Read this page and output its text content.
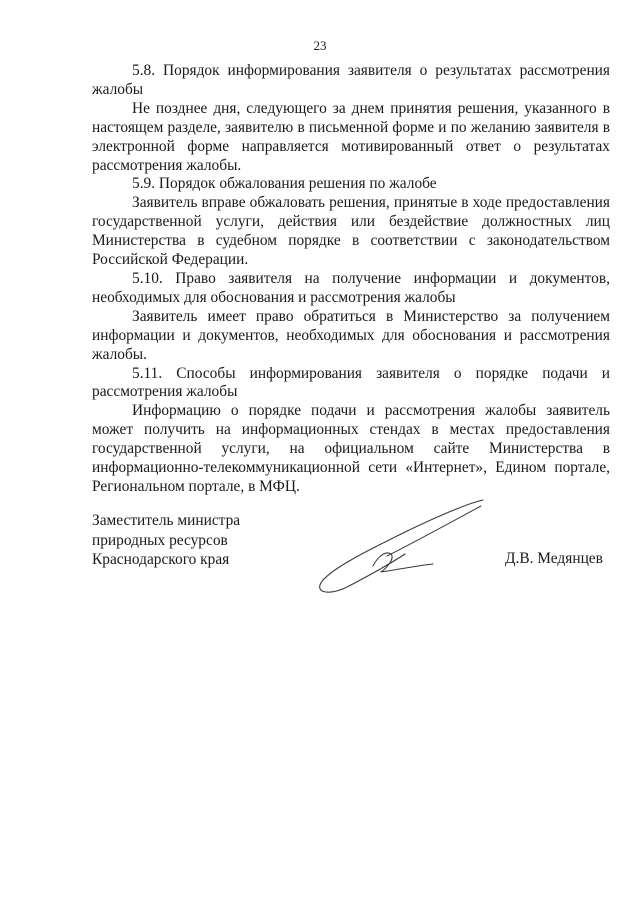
23

5.8. Порядок информирования заявителя о результатах рассмотрения жалобы

Не позднее дня, следующего за днем принятия решения, указанного в настоящем разделе, заявителю в письменной форме и по желанию заявителя в электронной форме направляется мотивированный ответ о результатах рассмотрения жалобы.

5.9. Порядок обжалования решения по жалобе

Заявитель вправе обжаловать решения, принятые в ходе предоставления государственной услуги, действия или бездействие должностных лиц Министерства в судебном порядке в соответствии с законодательством Российской Федерации.

5.10. Право заявителя на получение информации и документов, необходимых для обоснования и рассмотрения жалобы

Заявитель имеет право обратиться в Министерство за получением информации и документов, необходимых для обоснования и рассмотрения жалобы.

5.11. Способы информирования заявителя о порядке подачи и рассмотрения жалобы

Информацию о порядке подачи и рассмотрения жалобы заявитель может получить на информационных стендах в местах предоставления государственной услуги, на официальном сайте Министерства в информационно-телекоммуникационной сети «Интернет», Едином портале, Региональном портале, в МФЦ.

Заместитель министра
природных ресурсов
Краснодарского края	Д.В. Медянцев
